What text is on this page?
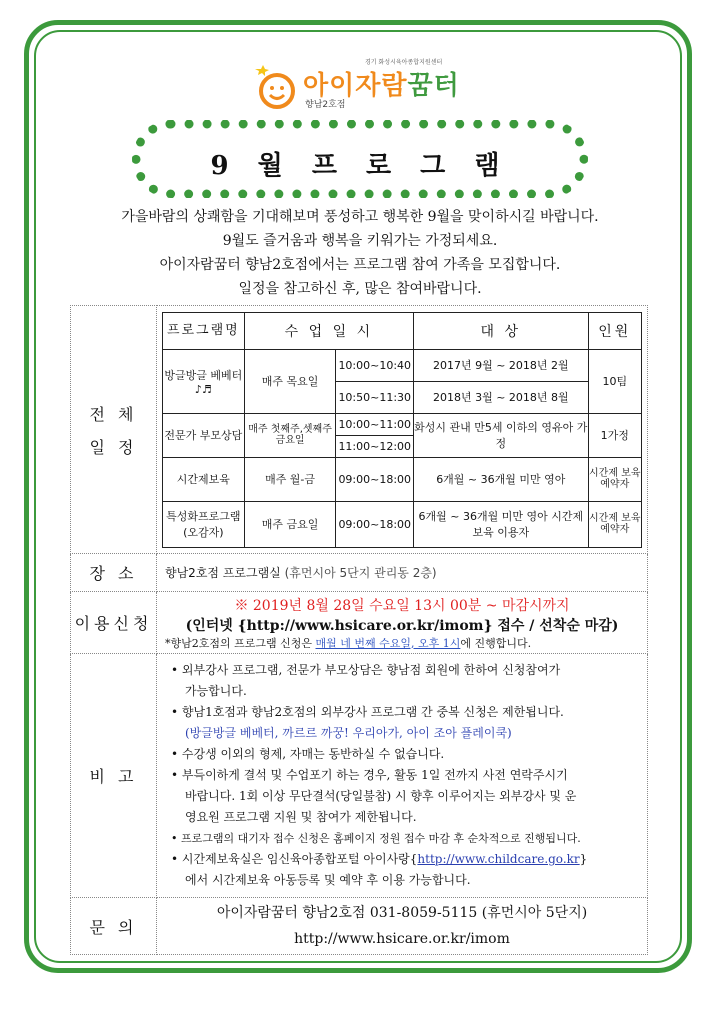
경기 화성시육아종합지원센터
아이자람꿈터
향남2호점
9 월 프 로 그 램
가을바람의 상쾌함을 기대해보며 풍성하고 행복한 9월을 맞이하시길 바랍니다.
9월도 즐거움과 행복을 키워가는 가정되세요.
아이자람꿈터 향남2호점에서는 프로그램 참여 가족을 모집합니다.
일정을 참고하신 후, 많은 참여바랍니다.
전 체
일 정

프로그램명	수 업 일 시	대 상	인원
방글방글 베베터 ♪♬	매주 목요일	10:00~10:40	2017년 9월 ~ 2018년 2월	10팀
10:50~11:30	2018년 3월 ~ 2018년 8월
전문가 부모상담	매주 첫째주,셋째주 금요일	10:00~11:00	화성시 관내 만5세 이하의 영유아 가정	1가정
11:00~12:00
시간제보육	매주 월-금	09:00~18:00	6개월 ~ 36개월 미만 영아	시간제 보육 예약자
특성화프로그램 (오감자)	매주 금요일	09:00~18:00	6개월 ~ 36개월 미만 영아 시간제보육 이용자	시간제 보육 예약자

장 소	향남2호점 프로그램실 (휴먼시아 5단지 관리동 2층)
이용신청	
※ 2019년 8월 28일 수요일 13시 00분 ~ 마감시까지
(인터넷 {http://www.hsicare.or.kr/imom} 접수 / 선착순 마감)
*향남2호점의 프로그램 신청은 매월 네 번째 수요일, 오후 1시에 진행합니다.

비 고	
• 외부강사 프로그램, 전문가 부모상담은 향남점 회원에 한하여 신청참여가
가능합니다.
• 향남1호점과 향남2호점의 외부강사 프로그램 간 중복 신청은 제한됩니다.
(방글방글 베베터, 까르르 까꿍! 우리아가, 아이 조아 플레이쿡)
• 수강생 이외의 형제, 자매는 동반하실 수 없습니다.
• 부득이하게 결석 및 수업포기 하는 경우, 활동 1일 전까지 사전 연락주시기
바랍니다. 1회 이상 무단결석(당일불참) 시 향후 이루어지는 외부강사 및 운
영요원 프로그램 지원 및 참여가 제한됩니다.
• 프로그램의 대기자 접수 신청은 홈페이지 정원 접수 마감 후 순차적으로 진행됩니다.
• 시간제보육실은 임신육아종합포털 아이사랑{http://www.childcare.go.kr}
에서 시간제보육 아동등록 및 예약 후 이용 가능합니다.

문 의	
아이자람꿈터 향남2호점 031-8059-5115 (휴먼시아 5단지)
http://www.hsicare.or.kr/imom
